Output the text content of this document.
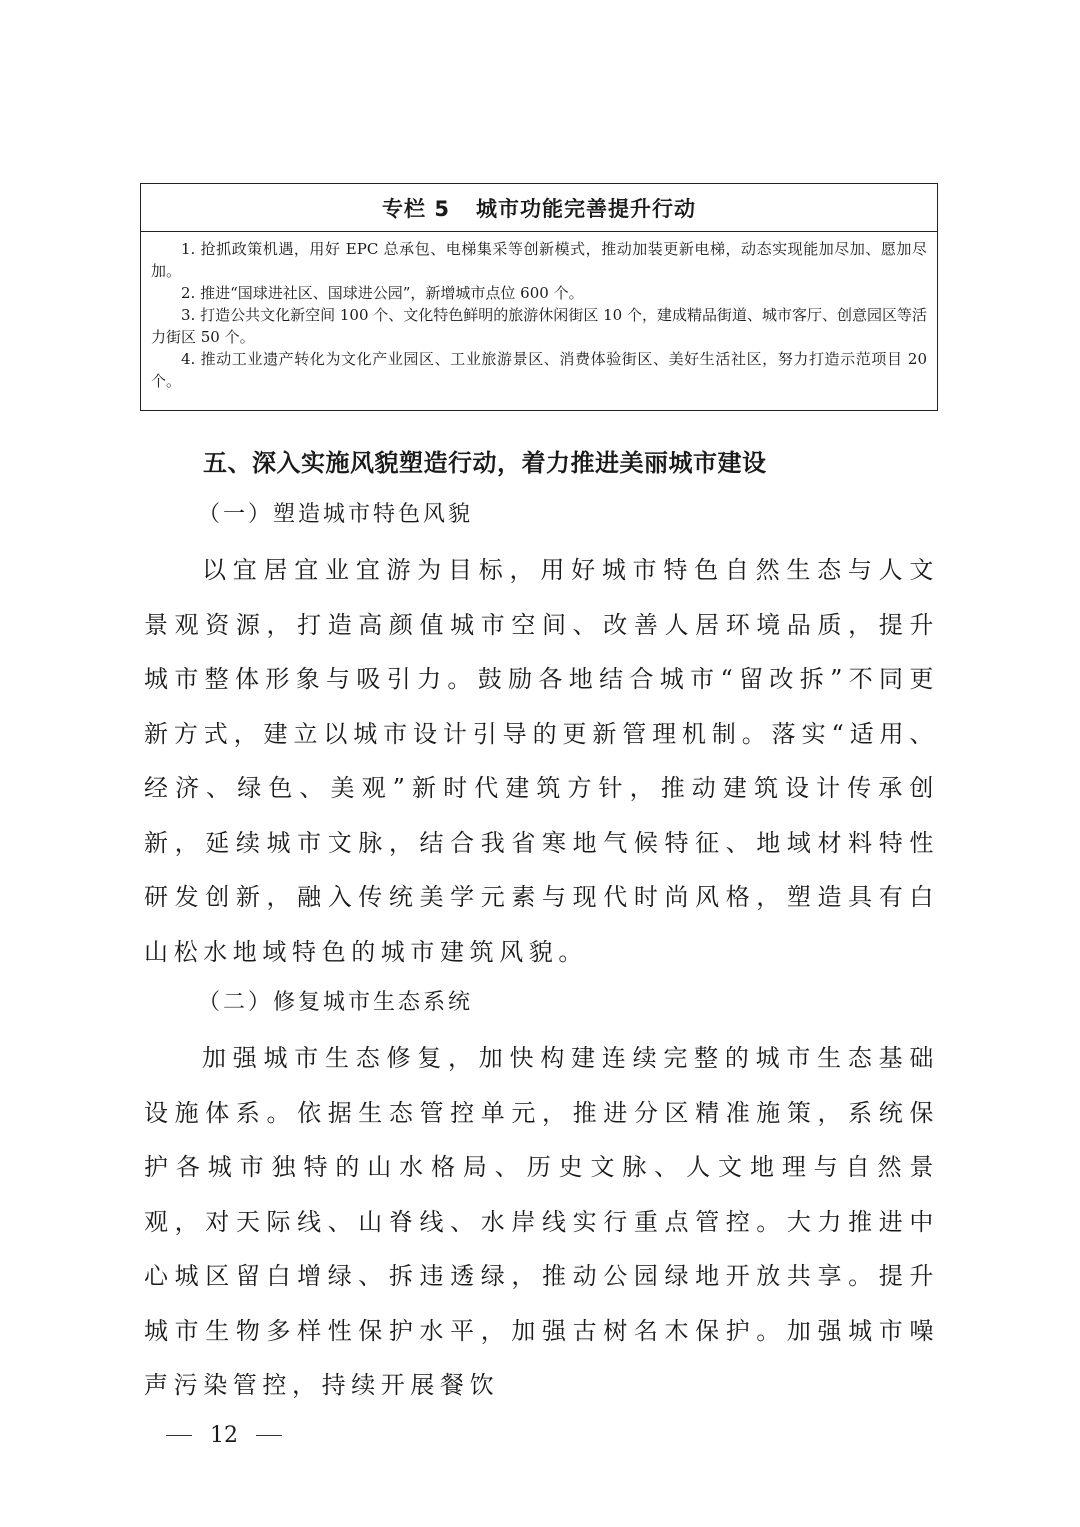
专栏 5 城市功能完善提升行动

1. 抢抓政策机遇，用好 EPC 总承包、电梯集采等创新模式，推动加装更新电梯，动态实现能加尽加、愿加尽加。

2. 推进“国球进社区、国球进公园”，新增城市点位 600 个。

3. 打造公共文化新空间 100 个、文化特色鲜明的旅游休闲街区 10 个，建成精品街道、城市客厅、创意园区等活力街区 50 个。

4. 推动工业遗产转化为文化产业园区、工业旅游景区、消费体验街区、美好生活社区，努力打造示范项目 20 个。

五、深入实施风貌塑造行动，着力推进美丽城市建设
（一）塑造城市特色风貌

以宜居宜业宜游为目标，用好城市特色自然生态与人文景观资源，打造高颜值城市空间、改善人居环境品质，提升城市整体形象与吸引力。鼓励各地结合城市“留改拆”不同更新方式，建立以城市设计引导的更新管理机制。落实“适用、经济、绿色、美观”新时代建筑方针，推动建筑设计传承创新，延续城市文脉，结合我省寒地气候特征、地域材料特性研发创新，融入传统美学元素与现代时尚风格，塑造具有白山松水地域特色的城市建筑风貌。

（二）修复城市生态系统

加强城市生态修复，加快构建连续完整的城市生态基础设施体系。依据生态管控单元，推进分区精准施策，系统保护各城市独特的山水格局、历史文脉、人文地理与自然景观，对天际线、山脊线、水岸线实行重点管控。大力推进中心城区留白增绿、拆违透绿，推动公园绿地开放共享。提升城市生物多样性保护水平，加强古树名木保护。加强城市噪声污染管控，持续开展餐饮

12
